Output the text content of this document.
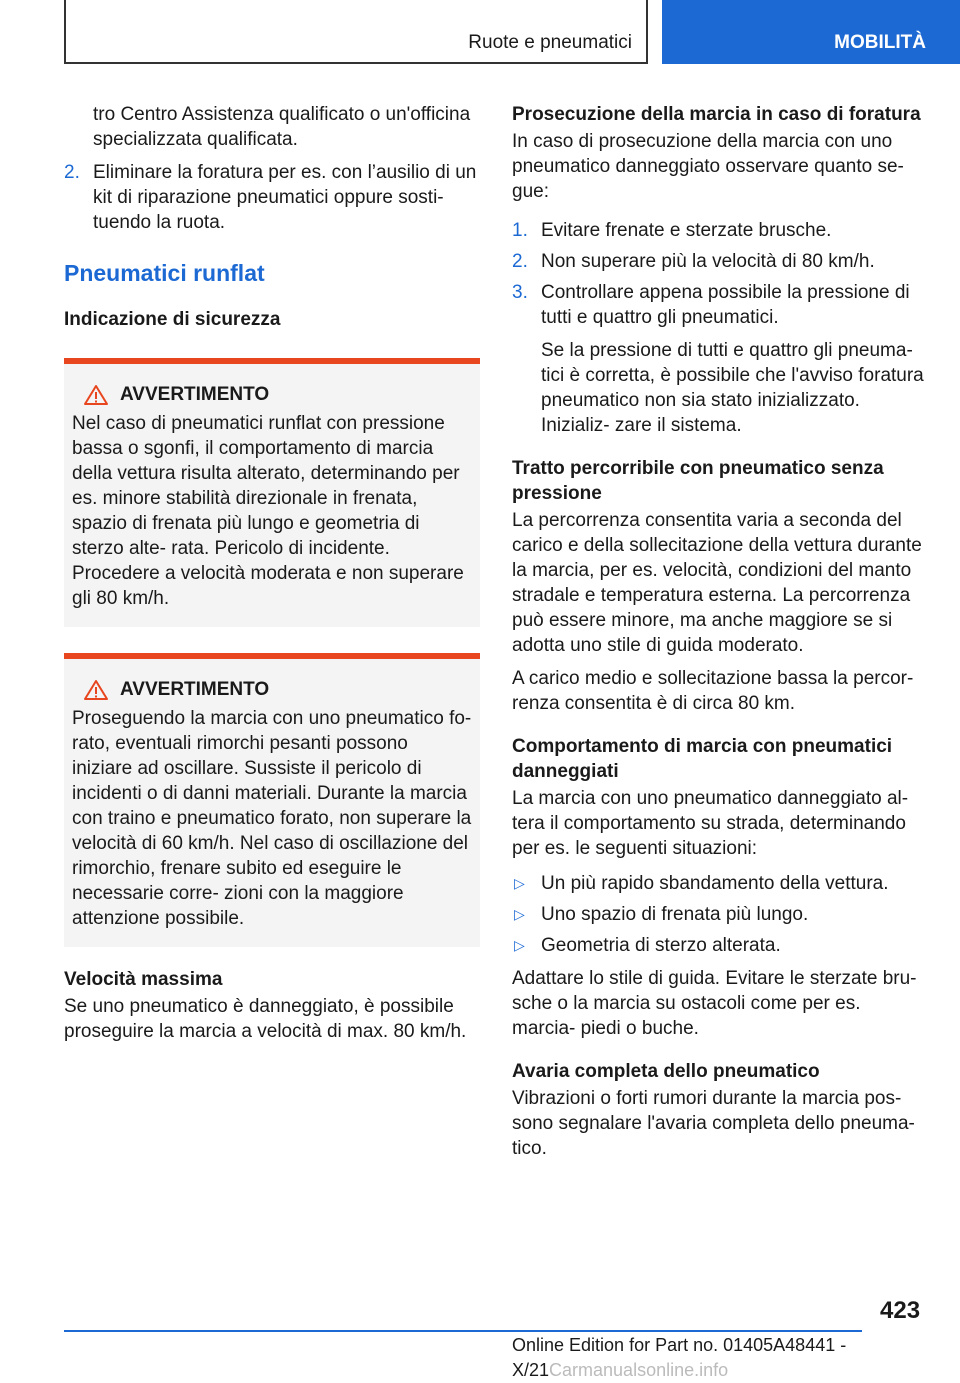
Ruote e pneumatici	MOBILITÀ

tro Centro Assistenza qualificato o un'officina specializzata qualificata.

2. Eliminare la foratura per es. con l’ausilio di un kit di riparazione pneumatici oppure sosti‐ tuendo la ruota.
Pneumatici runflat
Indicazione di sicurezza
AVVERTIMENTO
Nel caso di pneumatici runflat con pressione bassa o sgonfi, il comportamento di marcia della vettura risulta alterato, determinando per es. minore stabilità direzionale in frenata, spazio di frenata più lungo e geometria di sterzo alte‐ rata. Pericolo di incidente. Procedere a velocità moderata e non superare gli 80 km/h.
AVVERTIMENTO
Proseguendo la marcia con uno pneumatico fo‐ rato, eventuali rimorchi pesanti possono iniziare ad oscillare. Sussiste il pericolo di incidenti o di danni materiali. Durante la marcia con traino e pneumatico forato, non superare la velocità di 60 km/h. Nel caso di oscillazione del rimorchio, frenare subito ed eseguire le necessarie corre‐ zioni con la maggiore attenzione possibile.
Velocità massima

Se uno pneumatico è danneggiato, è possibile proseguire la marcia a velocità di max. 80 km/h.

Prosecuzione della marcia in caso di foratura

In caso di prosecuzione della marcia con uno pneumatico danneggiato osservare quanto se‐ gue:

1. Evitare frenate e sterzate brusche.
2. Non superare più la velocità di 80 km/h.
3. Controllare appena possibile la pressione di tutti e quattro gli pneumatici.
Se la pressione di tutti e quattro gli pneuma‐ tici è corretta, è possibile che l'avviso foratura pneumatico non sia stato inizializzato. Inizializ‐ zare il sistema.
Tratto percorribile con pneumatico senza pressione

La percorrenza consentita varia a seconda del carico e della sollecitazione della vettura durante la marcia, per es. velocità, condizioni del manto stradale e temperatura esterna. La percorrenza può essere minore, ma anche maggiore se si adotta uno stile di guida moderato.

A carico medio e sollecitazione bassa la percor‐ renza consentita è di circa 80 km.

Comportamento di marcia con pneumatici danneggiati

La marcia con uno pneumatico danneggiato al‐ tera il comportamento su strada, determinando per es. le seguenti situazioni:

▷ Un più rapido sbandamento della vettura.
▷ Uno spazio di frenata più lungo.
▷ Geometria di sterzo alterata.

Adattare lo stile di guida. Evitare le sterzate bru‐ sche o la marcia su ostacoli come per es. marcia‐ piedi o buche.

Avaria completa dello pneumatico

Vibrazioni o forti rumori durante la marcia pos‐ sono segnalare l'avaria completa dello pneuma‐ tico.

423
Online Edition for Part no. 01405A48441 - X/21Carmanualsonline.info
